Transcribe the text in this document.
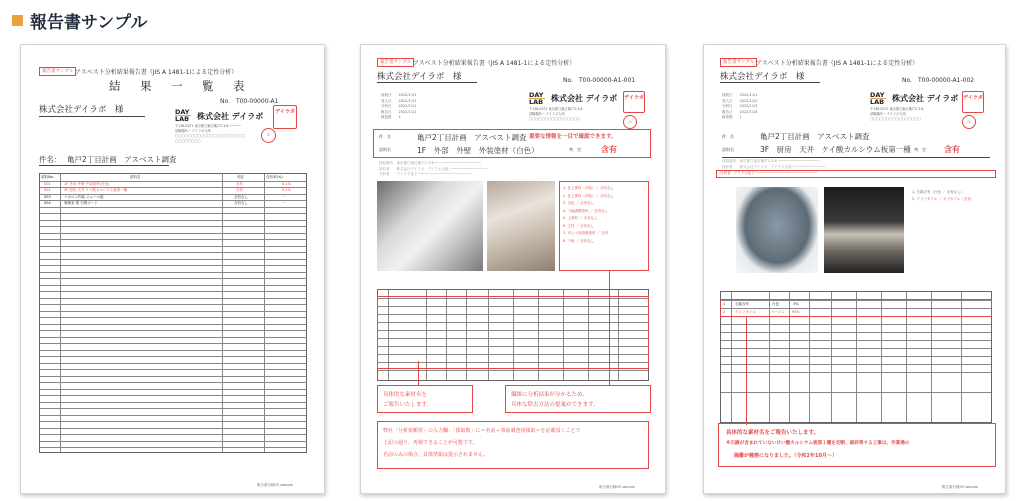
報告書サンプル
報告書サンプル アスベスト分析結果報告書（JIS A 1481-1による定性分析）
結　果　一　覧　表
No.　T00-00000-A1
株式会社デイラボ　様	DAY
LAB 株式会社 デイラボ	デイラボ
〒136-0071 東京都江東区亀戸2-3-6 ──────
試験場所 ─ デイラボ九州
〇〇〇〇〇〇〇〇〇〇〇〇〇〇〇〇〇〇〇〇〇〇
〇〇〇〇〇〇〇〇
印
件名： 亀戸2丁目計画　アスベスト調査
試料No.	試料名	判定	含有率(%)
001	1F 外部 外壁 外装塗材(白色)	含有	0.1%
002	3F 厨房 天井 ケイ酸カルシウム板第一種	含有	0.1%
003	マカロニ内装 ニューロ板	含有なし	－
004	事務室 壁 石膏ボード	含有なし	－
報告書付録05 sample
報告書サンプル アスベスト分析結果報告書（JIS A 1481-1による定性分析）
株式会社デイラボ　様	No.　T00-00000-A1-001
採取日　　2022/11/1
受入日　　2022/11/1
分析日　　2022/11/1
報告日　　2022/11/1
検査数　　1
DAY
LAB 株式会社 デイラボ デイラボ
〒136-0071 東京都江東区亀戸2-3-6
試験場所 ─ デイラボ九州
〇〇〇〇〇〇〇〇〇〇〇〇〇〇〇〇
印
件　名	亀戸2丁目計画　アスベスト調査
試料名	1F　外部　外壁　外装塗材（白色）	判　定： 含有
重要な情報を一目で確認できます。
採取場所　東京都江東区亀戸2-3-6 ──────────────────────
採取者　　株式会社デイラボ　デイラボ太郎 ──────────────────
分析者　　デイラボ花子 ─────────────────────────
1. 仕上塗材（外装）／ 含有なし
2. 仕上塗材（内装）／ 含有なし
3. 白色 ／ 含有なし
4. 下地調整塗材 ／ 含有なし
5. 上塗材 ／ 含有なし
6. 主材 ／ 含有なし
7. 可とう形改修塗材 ／ 含有
8. 下地 ／ 含有なし
具体的な素材名を
ご報告いたします。
繊維に分析結果が分かるため、
具体な除去方法の提案ができます。
弊社「分析依頼票」の入力欄：「採取数」に＝名前＋事前調査用採取＝を記載頂くことで
上記の通り、再検できることが可能です。
名前のみの場合、具体情報は提示されません。
報告書付録05 sample
報告書サンプル アスベスト分析結果報告書（JIS A 1481-1による定性分析）
株式会社デイラボ　様	No.　T00-00000-A1-002
採取日　　2022/11/1
受入日　　2022/11/2
分析日　　2022/11/3
報告日　　2022/11/4
検査数　　1
DAY
LAB 株式会社 デイラボ デイラボ
〒136-0071 東京都江東区亀戸2-3-6
試験場所 ─ デイラボ九州
〇〇〇〇〇〇〇〇〇〇〇〇〇〇〇〇
印
件　名	亀戸2丁目計画　アスベスト調査
試料名	3F　厨房　天井　ケイ酸カルシウム板第一種 判　定： 含有
採取場所　東京都江東区亀戸2-3-6 ────────────────────
採取者　　株式会社デイラボ　デイラボ太郎 ────────────────
分析者　デイラボ花子 ─────────────────────────────
1. 石綿含有（白色 ／ 含有なし）
2. クリソタイル ／ キブタイル（含有）
1	石綿含有	白色	3%
2	クリソタイル	ベージュ 95%
具体的な素材名をご報告いたします。
※石綿が含まれていないけい酸カルシウム板第１種を切断、破砕等する工事は、作業場の
隔離が義務になりました。（令和2年10月〜）
報告書付録05 sample
